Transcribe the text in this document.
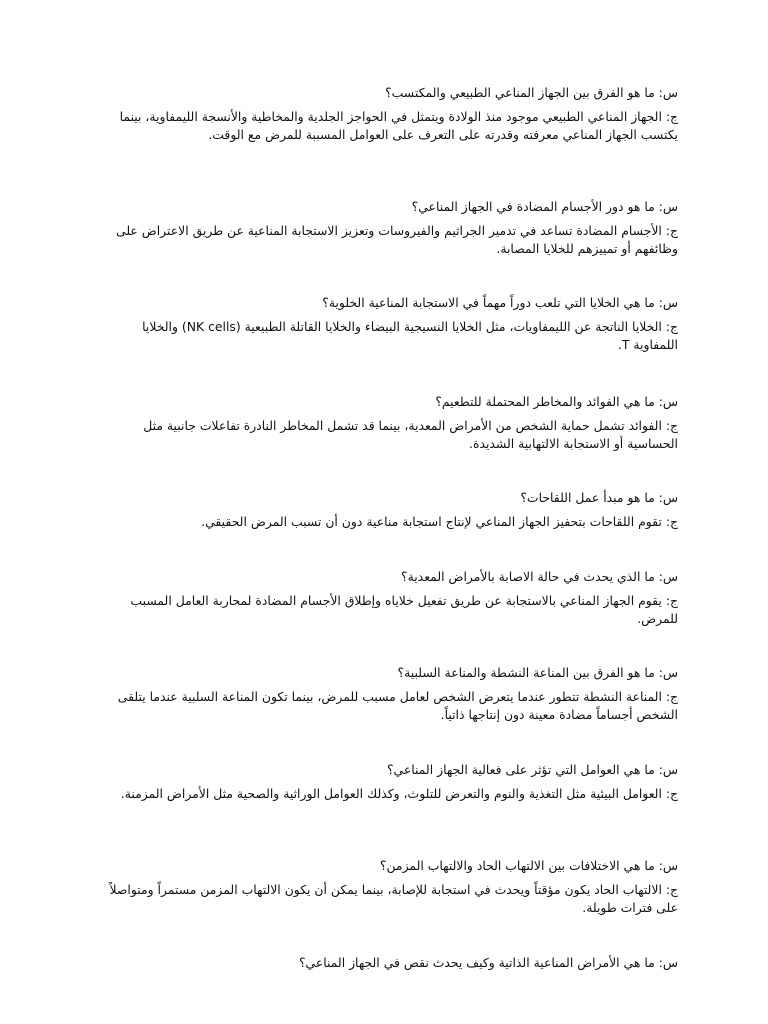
س: ما هو الفرق بين الجهاز المناعي الطبيعي والمكتسب؟

ج: الجهاز المناعي الطبيعي موجود منذ الولادة ويتمثل في الحواجز الجلدية والمخاطية والأنسجة الليمفاوية، بينما يكتسب الجهاز المناعي معرفته وقدرته على التعرف على العوامل المسببة للمرض مع الوقت.

س: ما هو دور الأجسام المضادة في الجهاز المناعي؟

ج: الأجسام المضادة تساعد في تدمير الجراثيم والفيروسات وتعزيز الاستجابة المناعية عن طريق الاعتراض على وظائفهم أو تمييزهم للخلايا المصابة.

س: ما هي الخلايا التي تلعب دوراً مهماً في الاستجابة المناعية الخلوية؟

ج: الخلايا الناتجة عن الليمفاويات، مثل الخلايا النسيجية البيضاء والخلايا القاتلة الطبيعية (NK cells) والخلايا اللمفاوية T.

س: ما هي الفوائد والمخاطر المحتملة للتطعيم؟

ج: الفوائد تشمل حماية الشخص من الأمراض المعدية، بينما قد تشمل المخاطر النادرة تفاعلات جانبية مثل الحساسية أو الاستجابة الالتهابية الشديدة.

س: ما هو مبدأ عمل اللقاحات؟

ج: تقوم اللقاحات بتحفيز الجهاز المناعي لإنتاج استجابة مناعية دون أن تسبب المرض الحقيقي.

س: ما الذي يحدث في حالة الاصابة بالأمراض المعدية؟

ج: يقوم الجهاز المناعي بالاستجابة عن طريق تفعيل خلاياه وإطلاق الأجسام المضادة لمحاربة العامل المسبب للمرض.

س: ما هو الفرق بين المناعة النشطة والمناعة السلبية؟

ج: المناعة النشطة تتطور عندما يتعرض الشخص لعامل مسبب للمرض، بينما تكون المناعة السلبية عندما يتلقى الشخص أجساماً مضادة معينة دون إنتاجها ذاتياً.

س: ما هي العوامل التي تؤثر على فعالية الجهاز المناعي؟

ج: العوامل البيئية مثل التغذية والنوم والتعرض للتلوث، وكذلك العوامل الوراثية والصحية مثل الأمراض المزمنة.

س: ما هي الاختلافات بين الالتهاب الحاد والالتهاب المزمن؟

ج: الالتهاب الحاد يكون مؤقتاً ويحدث في استجابة للإصابة، بينما يمكن أن يكون الالتهاب المزمن مستمراً ومتواصلاً على فترات طويلة.

س: ما هي الأمراض المناعية الذاتية وكيف يحدث نقص في الجهاز المناعي؟
